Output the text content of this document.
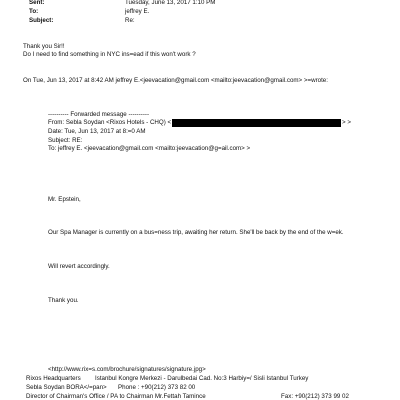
Sent:	Tuesday, June 13, 2017 1:10 PM
To:	jeffrey E.
Subject:	Re:
Thank you Sir!!
Do I need to find something in NYC ins=ead if this won't work ?
On Tue, Jun 13, 2017 at 8:42 AM jeffrey E.<jeevacation@gmail.com <mailto:jeevacation@gmail.com> >=wrote:
---------- Forwarded message ----------
From: Sebla Soydan <Rixos Hotels - CHQ) <	> >
Date: Tue, Jun 13, 2017 at 8:=0 AM
Subject: RE:
To: jeffrey E. <jeevacation@gmail.com <mailto:jeevacation@g=ail.com> >
Mr. Epstein,
Our Spa Manager is currently on a bus=ness trip, awaiting her return. She'll be back by the end of the w=ek.
Will revert accordingly.
Thank you.
<http://www.rix=s.com/brochure/signatures/signature.jpg>
Rixos Headquarters Istanbul Kongre Merkezi - Darulbedai Cad. No:3 Harbiy=/ Sisli Istanbul Turkey
Sebla Soydan BORA</=pan> Phone : +90(212) 373 82 00
Director of Chairman's Office / PA to Chairman Mr.Fettah Tamince	Fax: +90(212) 373 99 02
